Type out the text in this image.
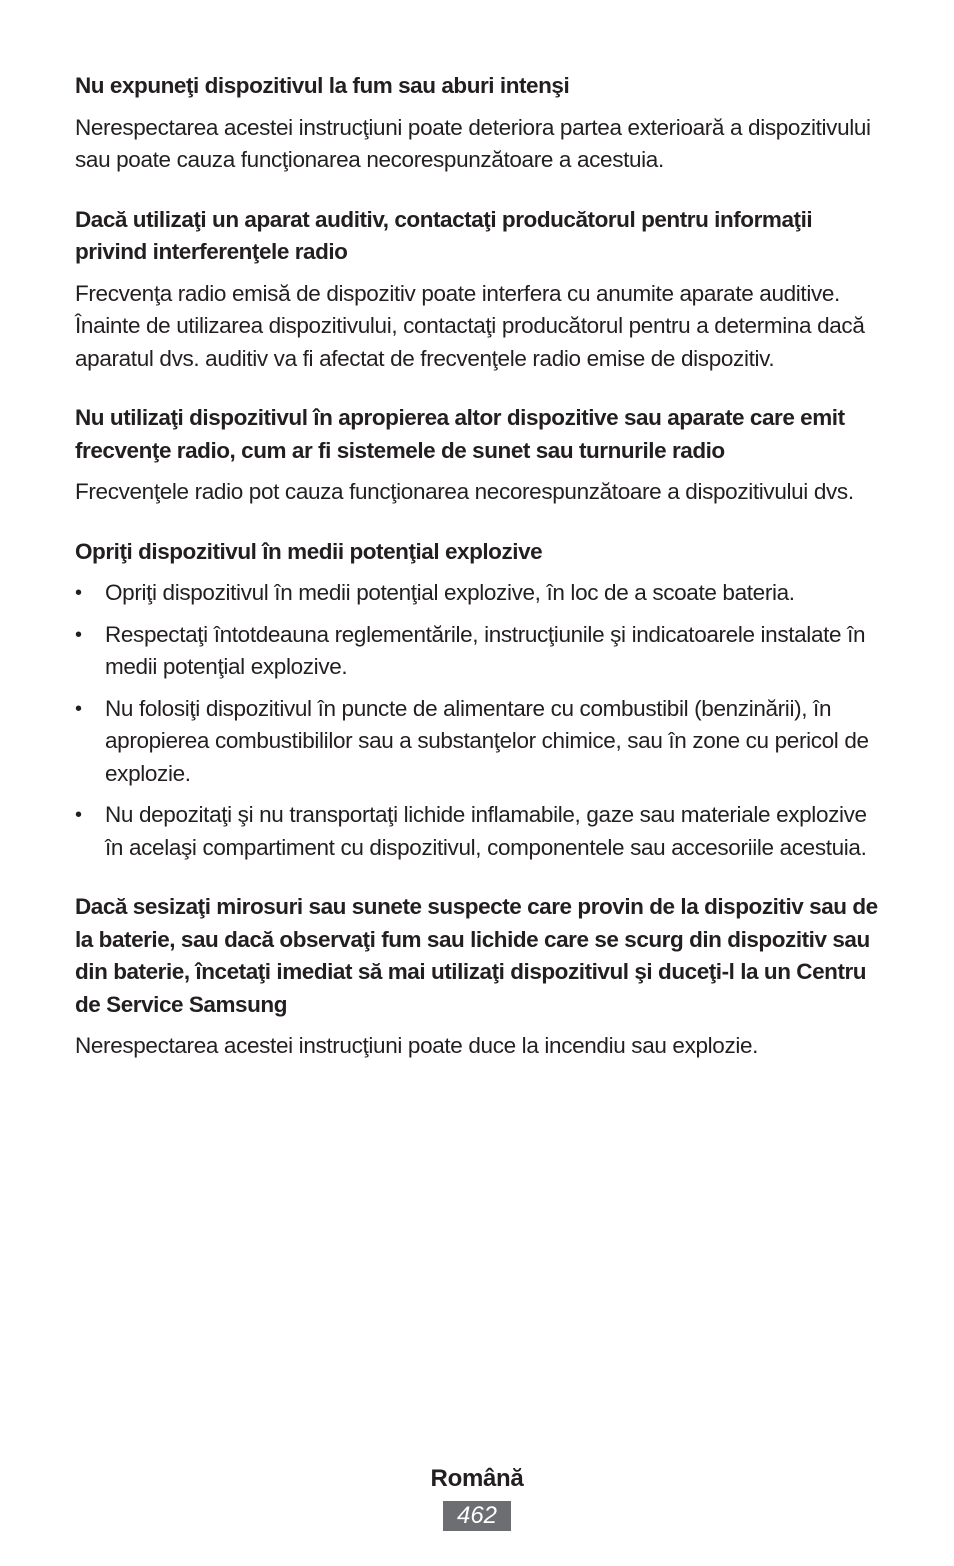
Nu expuneţi dispozitivul la fum sau aburi intenşi

Nerespectarea acestei instrucţiuni poate deteriora partea exterioară a dispozitivului sau poate cauza funcţionarea necorespunzătoare a acestuia.

Dacă utilizaţi un aparat auditiv, contactaţi producătorul pentru informaţii privind interferenţele radio

Frecvenţa radio emisă de dispozitiv poate interfera cu anumite aparate auditive. Înainte de utilizarea dispozitivului, contactaţi producătorul pentru a determina dacă aparatul dvs. auditiv va fi afectat de frecvenţele radio emise de dispozitiv.

Nu utilizaţi dispozitivul în apropierea altor dispozitive sau aparate care emit frecvenţe radio, cum ar fi sistemele de sunet sau turnurile radio

Frecvenţele radio pot cauza funcţionarea necorespunzătoare a dispozitivului dvs.

Opriţi dispozitivul în medii potenţial explozive
• Opriţi dispozitivul în medii potenţial explozive, în loc de a scoate bateria.
• Respectaţi întotdeauna reglementările, instrucţiunile şi indicatoarele instalate în medii potenţial explozive.
• Nu folosiţi dispozitivul în puncte de alimentare cu combustibil (benzinării), în apropierea combustibililor sau a substanţelor chimice, sau în zone cu pericol de explozie.
• Nu depozitaţi şi nu transportaţi lichide inflamabile, gaze sau materiale explozive în acelaşi compartiment cu dispozitivul, componentele sau accesoriile acestuia.
Dacă sesizaţi mirosuri sau sunete suspecte care provin de la dispozitiv sau de la baterie, sau dacă observaţi fum sau lichide care se scurg din dispozitiv sau din baterie, încetaţi imediat să mai utilizaţi dispozitivul şi duceţi-l la un Centru de Service Samsung

Nerespectarea acestei instrucţiuni poate duce la incendiu sau explozie.

Română
462
